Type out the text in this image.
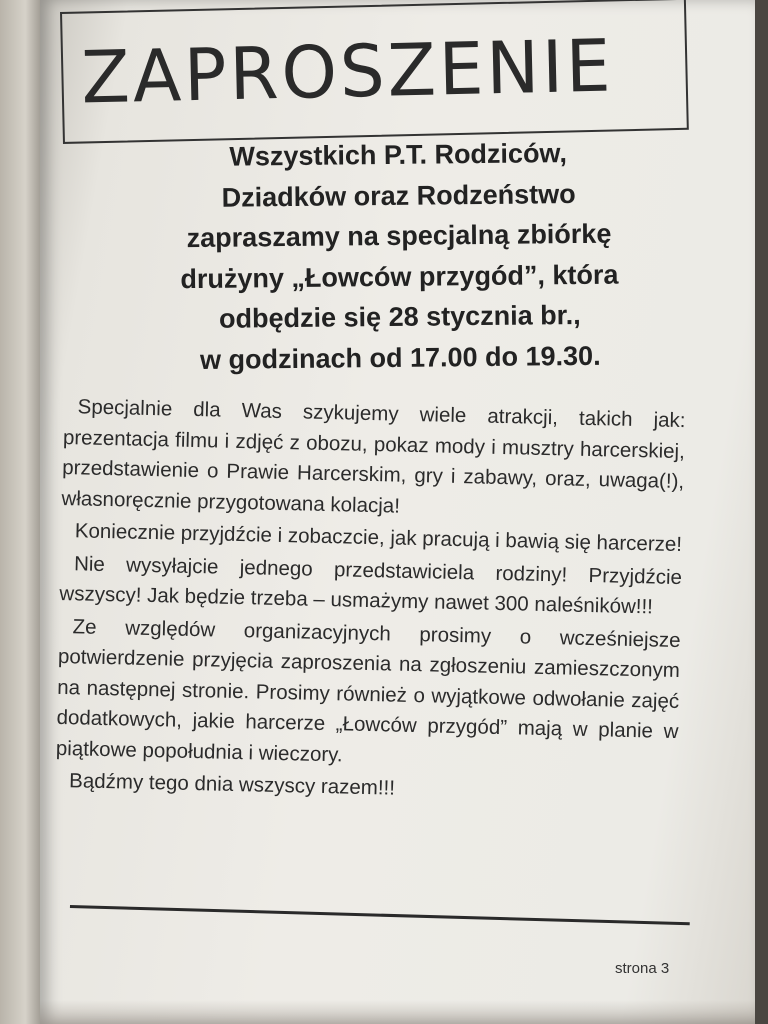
ZAPROSZENIE
Wszystkich P.T. Rodziców,
Dziadków oraz Rodzeństwo
zapraszamy na specjalną zbiórkę
drużyny „Łowców przygód”, która
odbędzie się 28 stycznia br.,
w godzinach od 17.00 do 19.30.

Specjalnie dla Was szykujemy wiele atrakcji, takich jak: prezentacja filmu i zdjęć z obozu, pokaz mody i musztry harcerskiej, przedstawienie o Prawie Harcerskim, gry i zabawy, oraz, uwaga(!), własnoręcznie przygotowana kolacja!

Koniecznie przyjdźcie i zobaczcie, jak pracują i bawią się harcerze!

Nie wysyłajcie jednego przedstawiciela rodziny! Przyjdźcie wszyscy! Jak będzie trzeba – usmażymy nawet 300 naleśników!!!

Ze względów organizacyjnych prosimy o wcześniejsze potwierdzenie przyjęcia zaproszenia na zgłoszeniu zamieszczonym na następnej stronie. Prosimy również o wyjątkowe odwołanie zajęć dodatkowych, jakie harcerze „Łowców przygód” mają w planie w piątkowe popołudnia i wieczory.

Bądźmy tego dnia wszyscy razem!!!

strona 3
